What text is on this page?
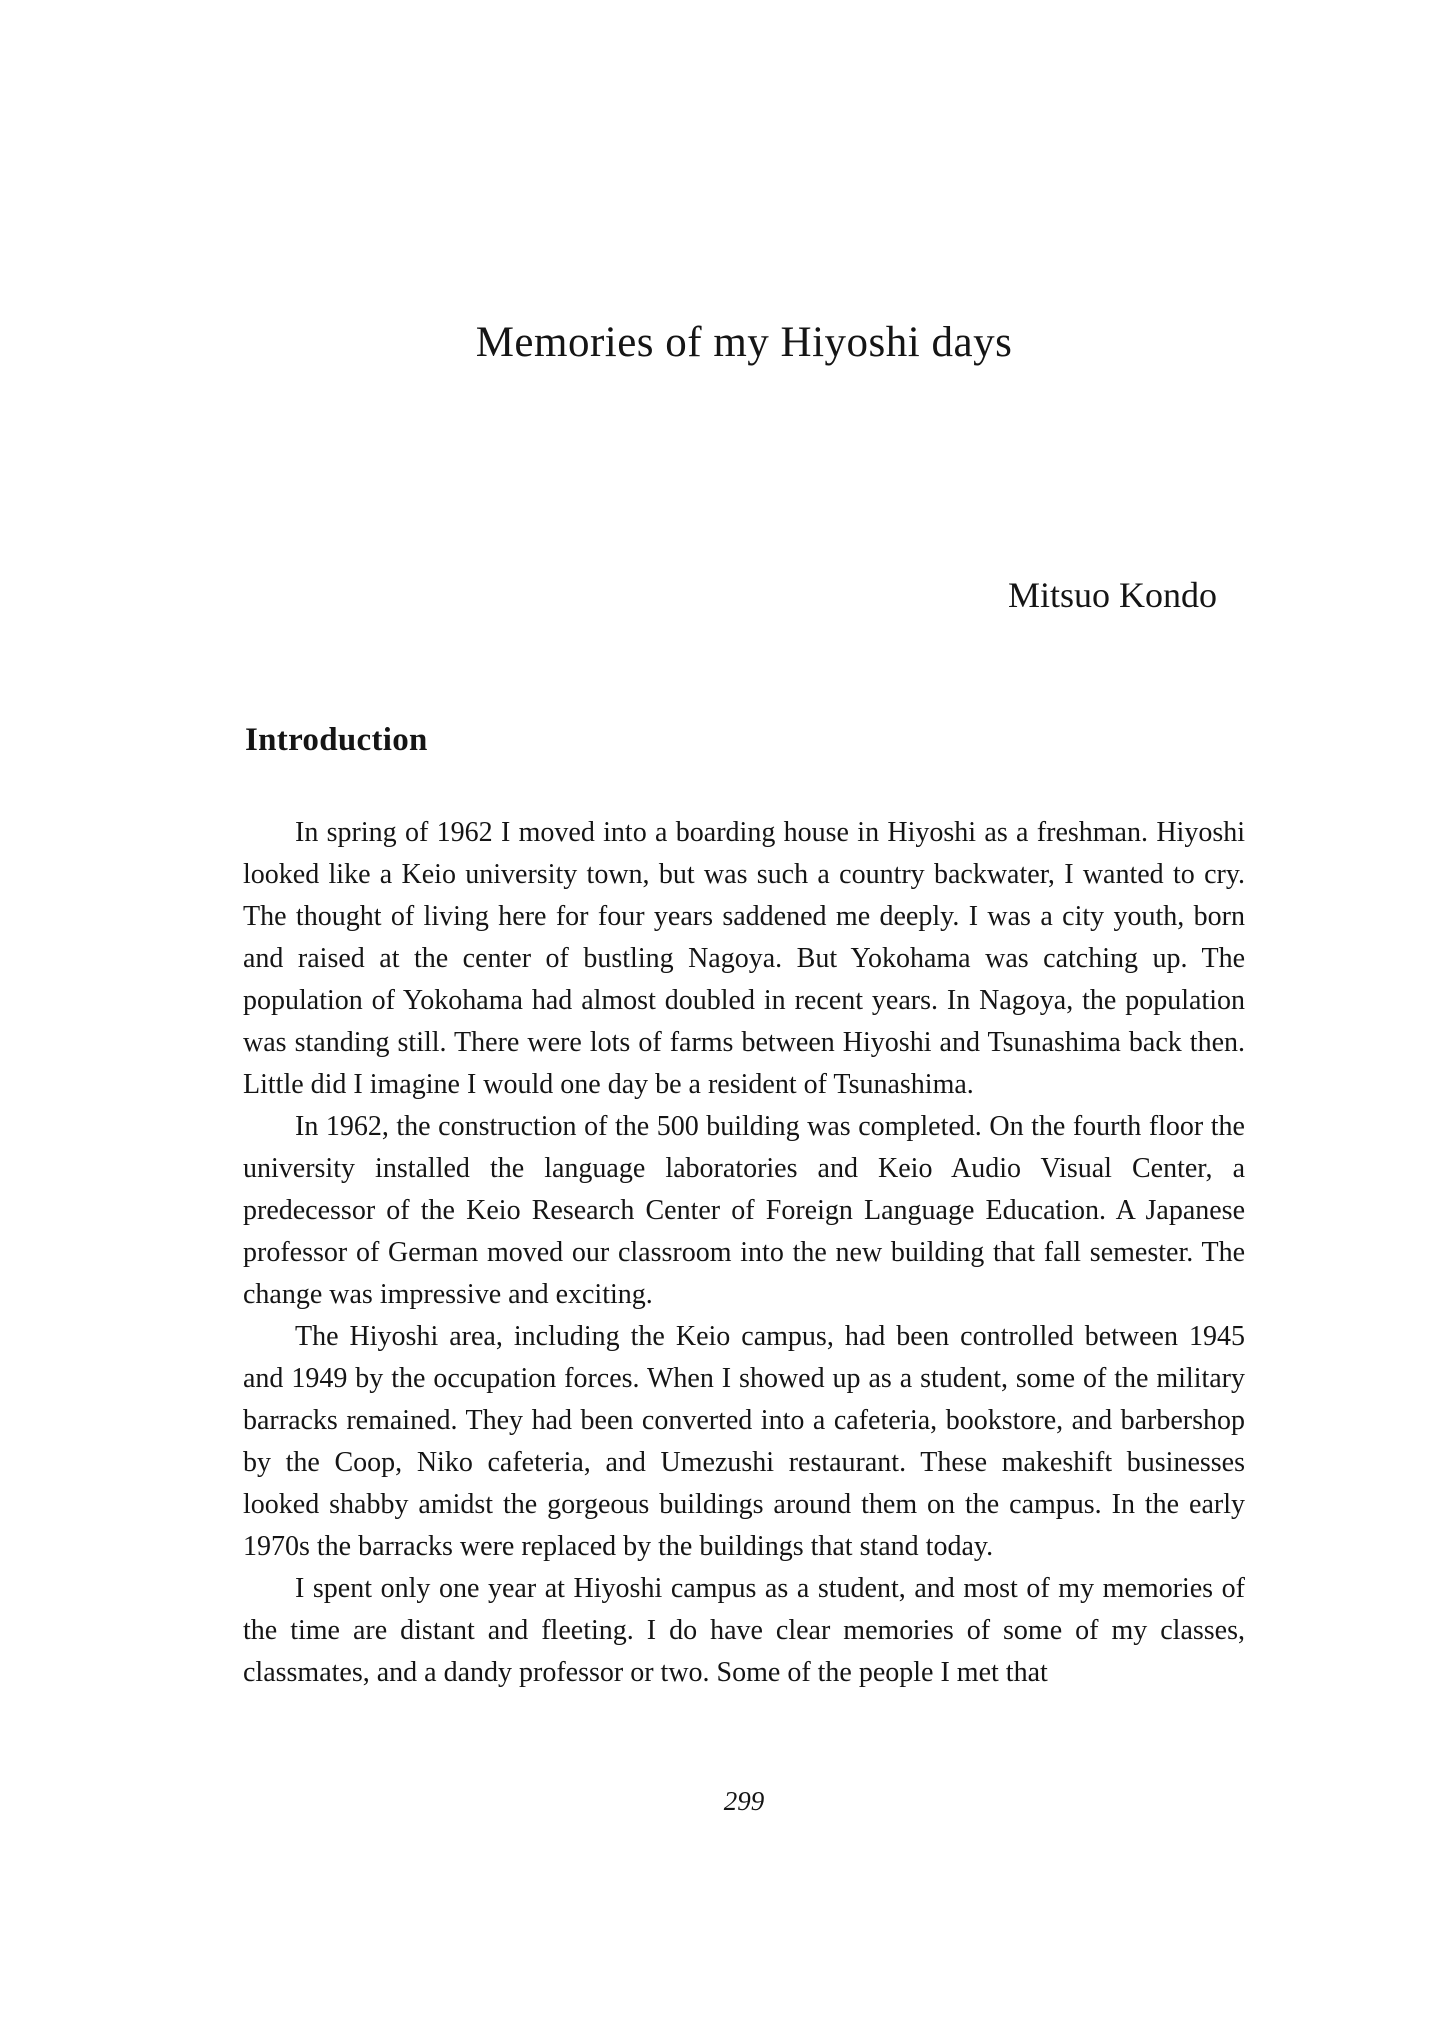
Memories of my Hiyoshi days
Mitsuo Kondo
Introduction

In spring of 1962 I moved into a boarding house in Hiyoshi as a freshman. Hiyoshi looked like a Keio university town, but was such a country backwater, I wanted to cry. The thought of living here for four years saddened me deeply. I was a city youth, born and raised at the center of bustling Nagoya. But Yokohama was catching up. The population of Yokohama had almost doubled in recent years. In Nagoya, the population was standing still. There were lots of farms between Hiyoshi and Tsunashima back then. Little did I imagine I would one day be a resident of Tsunashima.

In 1962, the construction of the 500 building was completed. On the fourth floor the university installed the language laboratories and Keio Audio Visual Center, a predecessor of the Keio Research Center of Foreign Language Education. A Japanese professor of German moved our classroom into the new building that fall semester. The change was impressive and exciting.

The Hiyoshi area, including the Keio campus, had been controlled between 1945 and 1949 by the occupation forces. When I showed up as a student, some of the military barracks remained. They had been converted into a cafeteria, bookstore, and barbershop by the Coop, Niko cafeteria, and Umezushi restaurant. These makeshift businesses looked shabby amidst the gorgeous buildings around them on the campus. In the early 1970s the barracks were replaced by the buildings that stand today.

I spent only one year at Hiyoshi campus as a student, and most of my memories of the time are distant and fleeting. I do have clear memories of some of my classes, classmates, and a dandy professor or two. Some of the people I met that

299
